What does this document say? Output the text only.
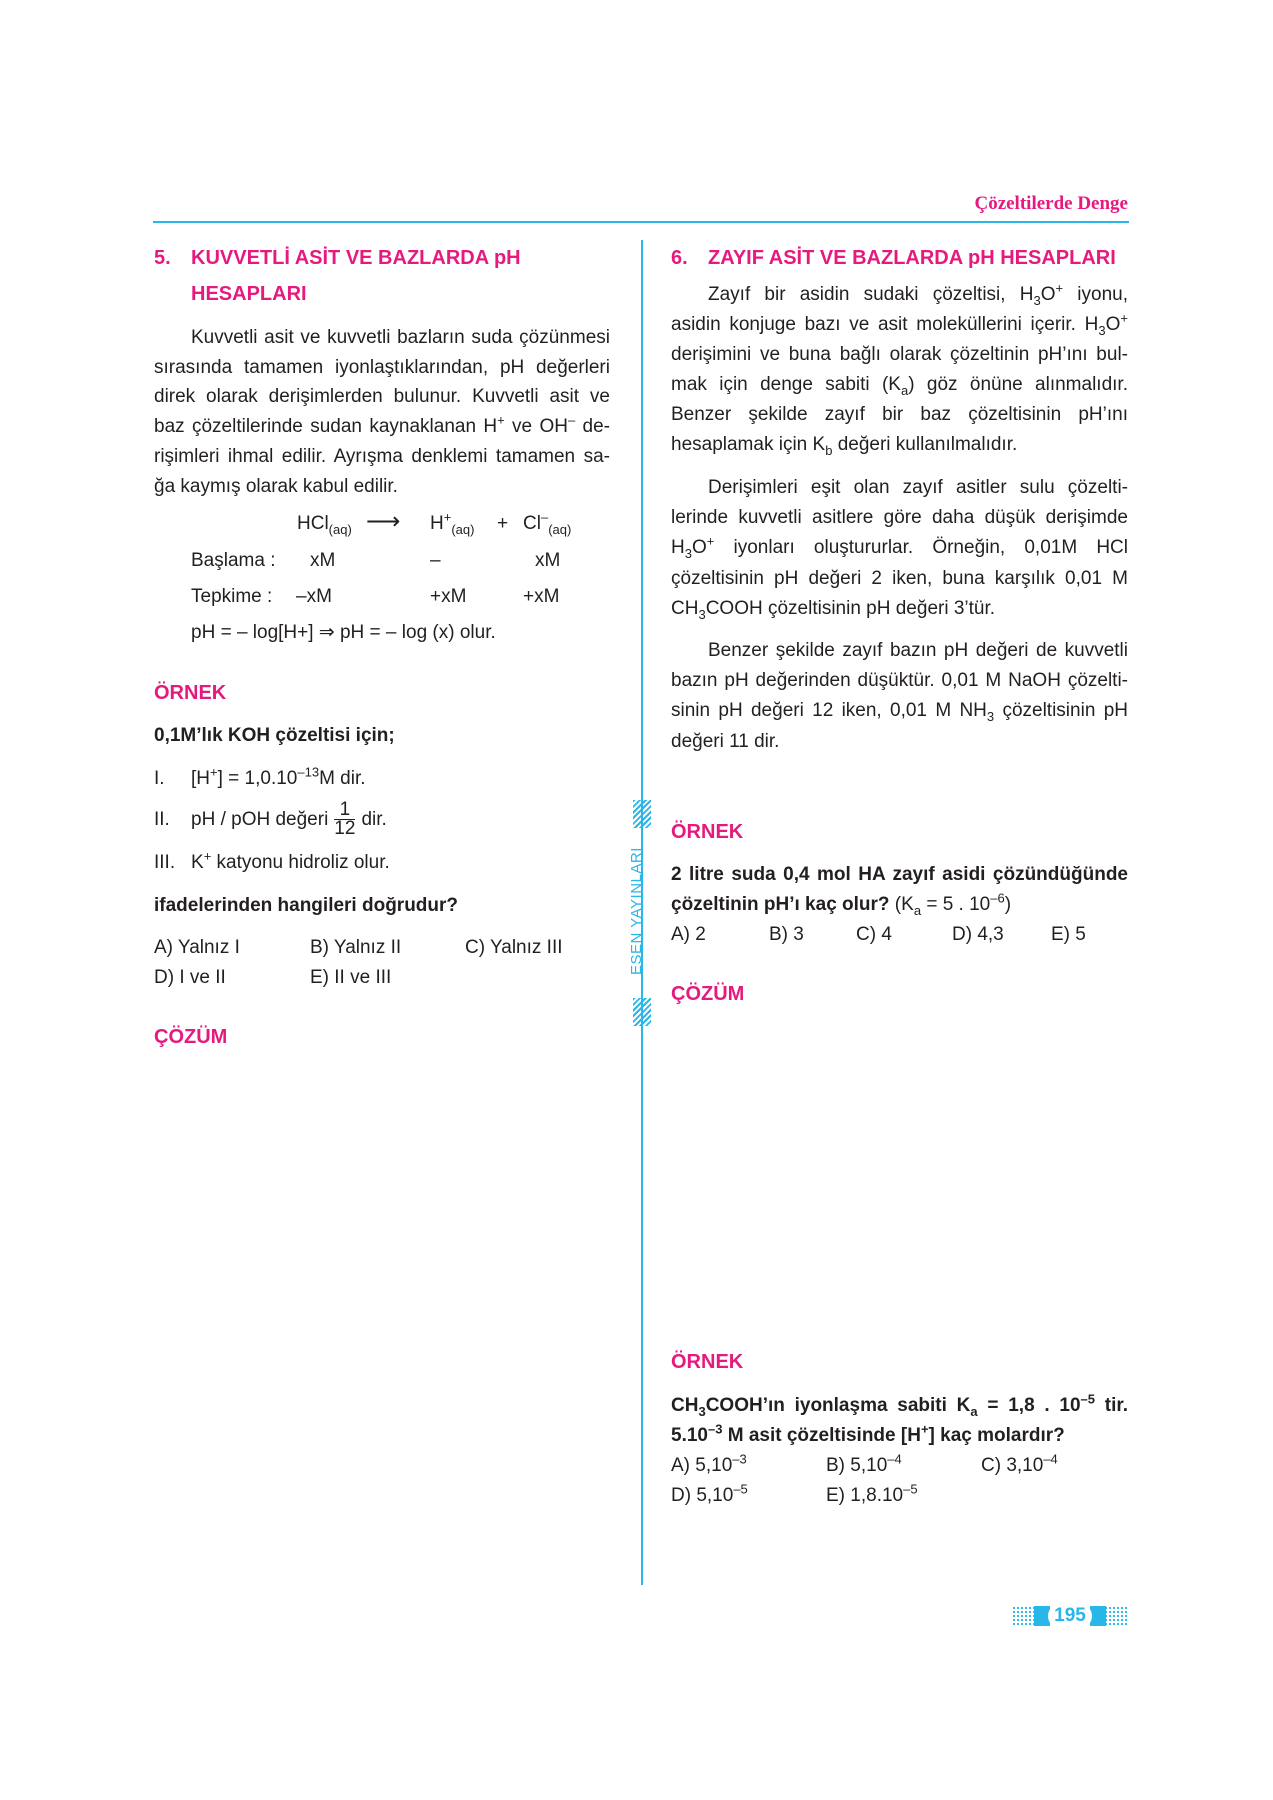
Çözeltilerde Denge
ESEN YAYINLARI
5. KUVVETLİ ASİT VE BAZLARDA pH
HESAPLARI
Kuvvetli asit ve kuvvetli bazların suda çözünmesi
sırasında tamamen iyonlaştıklarından, pH değerleri
direk olarak derişimlerden bulunur. Kuvvetli asit ve
baz çözeltilerinde sudan kaynaklanan H+ ve OH– de-
rişimleri ihmal edilir. Ayrışma denklemi tamamen sa-
ğa kaymış olarak kabul edilir.
HCl$_{(aq)}$ ⟶ $H^+_{(aq)} + Cl^-_{(aq)}$
Başlama : xM	–	xM
Tepkime : –xM	+xM	+xM
pH = – log[H+] ⇒ pH = – log (x) olur.
ÖRNEK
0,1M’lık KOH çözeltisi için;
I. $[H^+] = 1,0.10^{-13}M$ dir.
II. pH / pOH değeri $\frac{1}{12}$ dir.
III. K+ katyonu hidroliz olur.
ifadelerinden hangileri doğrudur?
A) Yalnız I	B) Yalnız II	C) Yalnız III
D) I ve II	E) II ve III
ÇÖZÜM
6. ZAYIF ASİT VE BAZLARDA pH HESAPLARI
Zayıf bir asidin sudaki çözeltisi, $H_3O^+$ iyonu,
asidin konjuge bazı ve asit moleküllerini içerir. $H_3O^+$
derişimini ve buna bağlı olarak çözeltinin pH’ını bul-
mak için denge sabiti $(K_a)$ göz önüne alınmalıdır.
Benzer şekilde zayıf bir baz çözeltisinin pH’ını
hesaplamak için $K_b$ değeri kullanılmalıdır.
Derişimleri eşit olan zayıf asitler sulu çözelti-
lerinde kuvvetli asitlere göre daha düşük derişimde
$H_3O^+$ iyonları oluştururlar. Örneğin, 0,01M HCl
çözeltisinin pH değeri 2 iken, buna karşılık 0,01 M
$CH_3COOH$ çözeltisinin pH değeri 3’tür.
Benzer şekilde zayıf bazın pH değeri de kuvvetli
bazın pH değerinden düşüktür. 0,01 M NaOH çözelti-
sinin pH değeri 12 iken, 0,01 M $NH_3$ çözeltisinin pH
değeri 11 dir.
ÖRNEK
2 litre suda 0,4 mol HA zayıf asidi çözündüğünde
çözeltinin pH’ı kaç olur? ($K_a = 5$ . $10^{-6}$)
A) 2	B) 3	C) 4	D) 4,3 E) 5
ÇÖZÜM
ÖRNEK
$CH_3COOH’ın$ iyonlaşma sabiti $K_a = 1,8$ . $10^{-5}$ tir.
$5.10^{-3}$ M asit çözeltisinde [H+] kaç molardır?
A) $5,10^{-3}$	B) $5,10^{-4}$	C) $3,10^{-4}$
D) $5,10^{-5}$	E) $1,8.10^{-5}$
195
